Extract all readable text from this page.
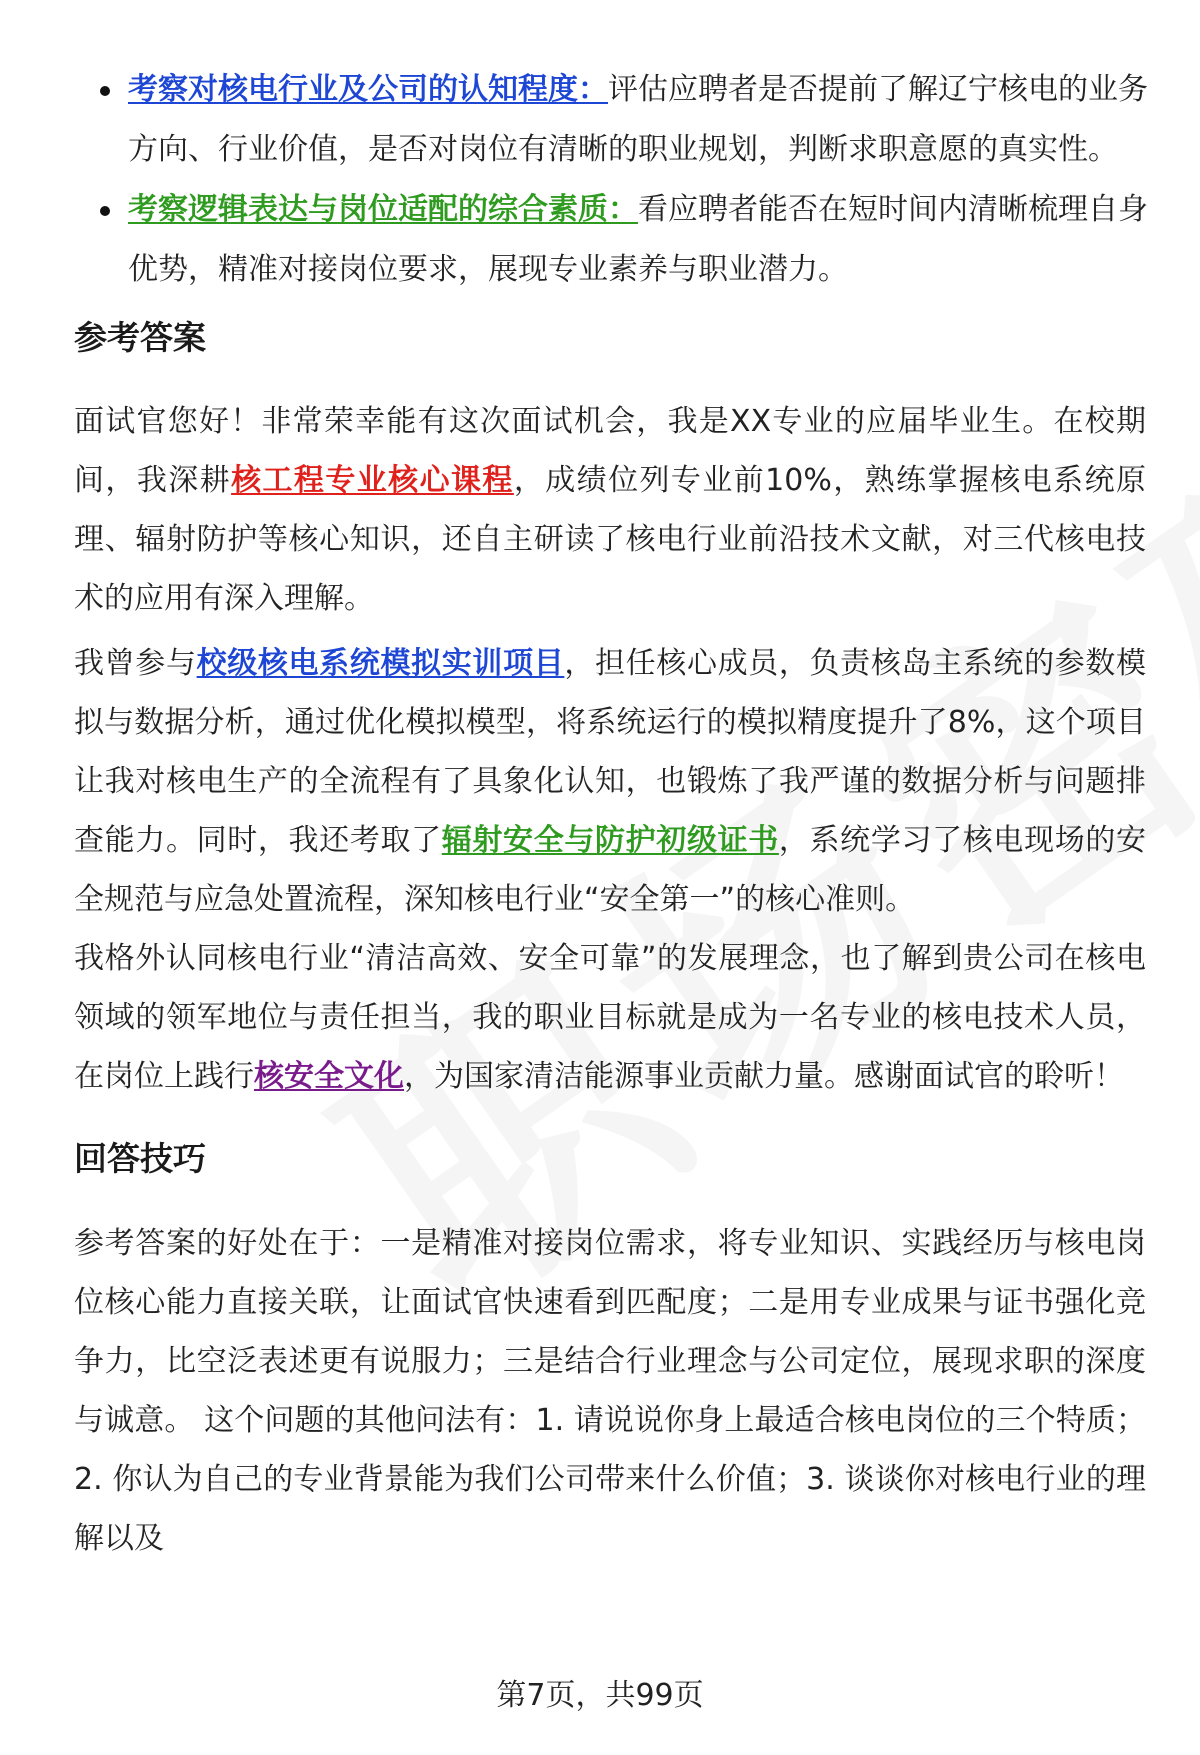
考察对核电行业及公司的认知程度：评估应聘者是否提前了解辽宁核电的业务方向、行业价值，是否对岗位有清晰的职业规划，判断求职意愿的真实性。
考察逻辑表达与岗位适配的综合素质：看应聘者能否在短时间内清晰梳理自身优势，精准对接岗位要求，展现专业素养与职业潜力。
参考答案

面试官您好！非常荣幸能有这次面试机会，我是XX专业的应届毕业生。在校期间，我深耕核工程专业核心课程，成绩位列专业前10%，熟练掌握核电系统原理、辐射防护等核心知识，还自主研读了核电行业前沿技术文献，对三代核电技术的应用有深入理解。

我曾参与校级核电系统模拟实训项目，担任核心成员，负责核岛主系统的参数模拟与数据分析，通过优化模拟模型，将系统运行的模拟精度提升了8%，这个项目让我对核电生产的全流程有了具象化认知，也锻炼了我严谨的数据分析与问题排查能力。同时，我还考取了辐射安全与防护初级证书，系统学习了核电现场的安全规范与应急处置流程，深知核电行业“安全第一”的核心准则。

我格外认同核电行业“清洁高效、安全可靠”的发展理念，也了解到贵公司在核电领域的领军地位与责任担当，我的职业目标就是成为一名专业的核电技术人员，在岗位上践行核安全文化，为国家清洁能源事业贡献力量。感谢面试官的聆听！

回答技巧

参考答案的好处在于：一是精准对接岗位需求，将专业知识、实践经历与核电岗位核心能力直接关联，让面试官快速看到匹配度；二是用专业成果与证书强化竞争力，比空泛表述更有说服力；三是结合行业理念与公司定位，展现求职的深度与诚意。 这个问题的其他问法有：1. 请说说你身上最适合核电岗位的三个特质；2. 你认为自己的专业背景能为我们公司带来什么价值；3. 谈谈你对核电行业的理解以及

第7页，共99页
